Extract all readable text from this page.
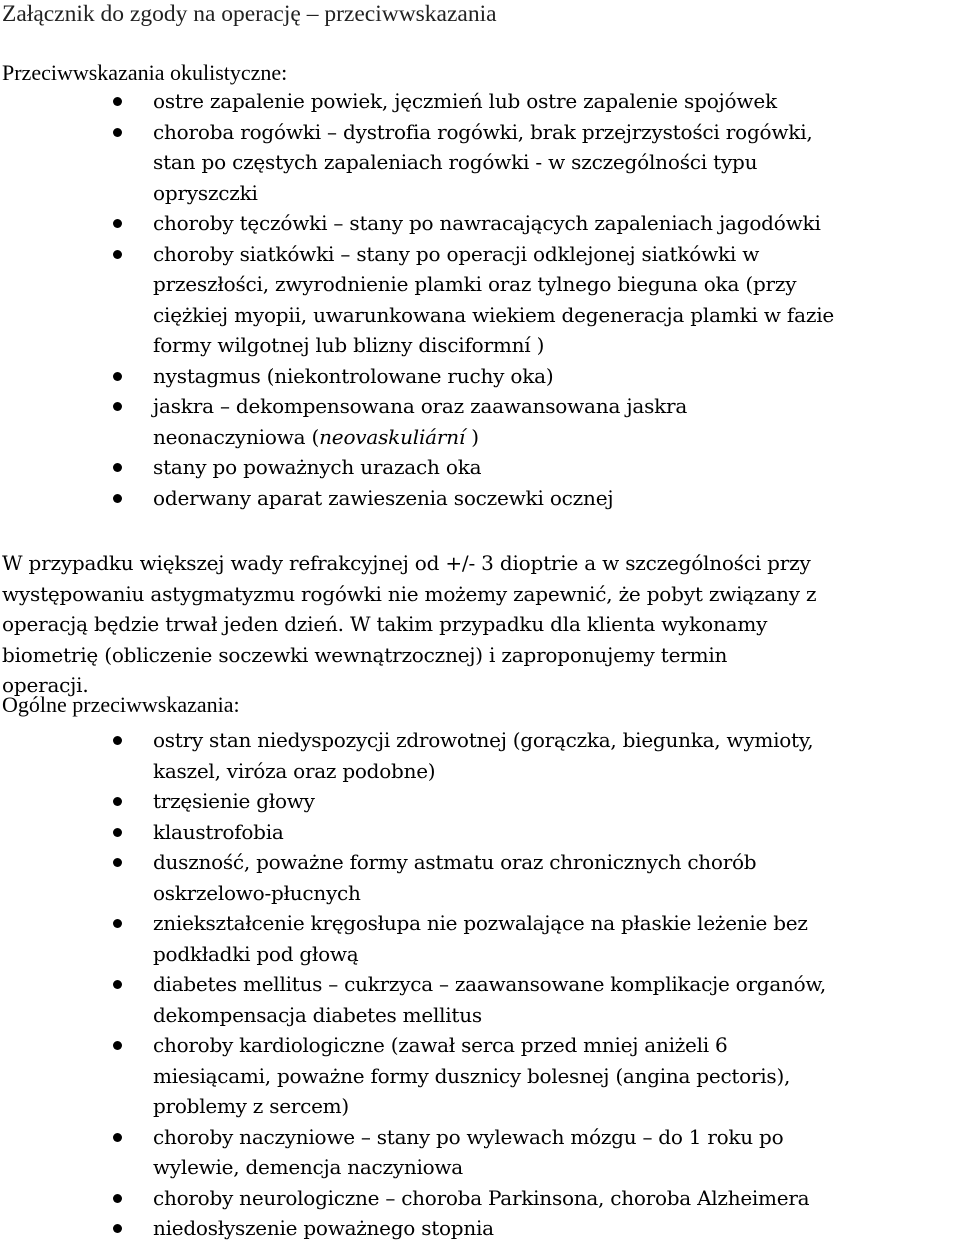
Załącznik do zgody na operację – przeciwwskazania
Przeciwwskazania okulistyczne:
ostre zapalenie powiek, jęczmień lub ostre zapalenie spojówek
choroba rogówki – dystrofia rogówki, brak przejrzystości rogówki,
stan po częstych zapaleniach rogówki - w szczególności typu
opryszczki
choroby tęczówki – stany po nawracających zapaleniach jagodówki
choroby siatkówki – stany po operacji odklejonej siatkówki w
przeszłości, zwyrodnienie plamki oraz tylnego bieguna oka (przy
ciężkiej myopii, uwarunkowana wiekiem degeneracja plamki w fazie
formy wilgotnej lub blizny disciformní )
nystagmus (niekontrolowane ruchy oka)
jaskra – dekompensowana oraz zaawansowana jaskra
neonaczyniowa (neovaskuliární )
stany po poważnych urazach oka
oderwany aparat zawieszenia soczewki ocznej
W przypadku większej wady refrakcyjnej od +/- 3 dioptrie a w szczególności przy
występowaniu astygmatyzmu rogówki nie możemy zapewnić, że pobyt związany z
operacją będzie trwał jeden dzień. W takim przypadku dla klienta wykonamy
biometrię (obliczenie soczewki wewnątrzocznej) i zaproponujemy termin
operacji.
Ogólne przeciwwskazania:
ostry stan niedyspozycji zdrowotnej (gorączka, biegunka, wymioty,
kaszel, viróza oraz podobne)
trzęsienie głowy
klaustrofobia
duszność, poważne formy astmatu oraz chronicznych chorób
oskrzelowo-płucnych
zniekształcenie kręgosłupa nie pozwalające na płaskie leżenie bez
podkładki pod głową
diabetes mellitus – cukrzyca – zaawansowane komplikacje organów,
dekompensacja diabetes mellitus
choroby kardiologiczne (zawał serca przed mniej aniżeli 6
miesiącami, poważne formy duszniсy bolesnej (angina pectoris),
problemy z sercem)
choroby naczyniowe – stany po wylewach mózgu – do 1 roku po
wylewie, demencja naczyniowa
choroby neurologiczne – choroba Parkinsona, choroba Alzheimera
niedosłyszenie poważnego stopnia
